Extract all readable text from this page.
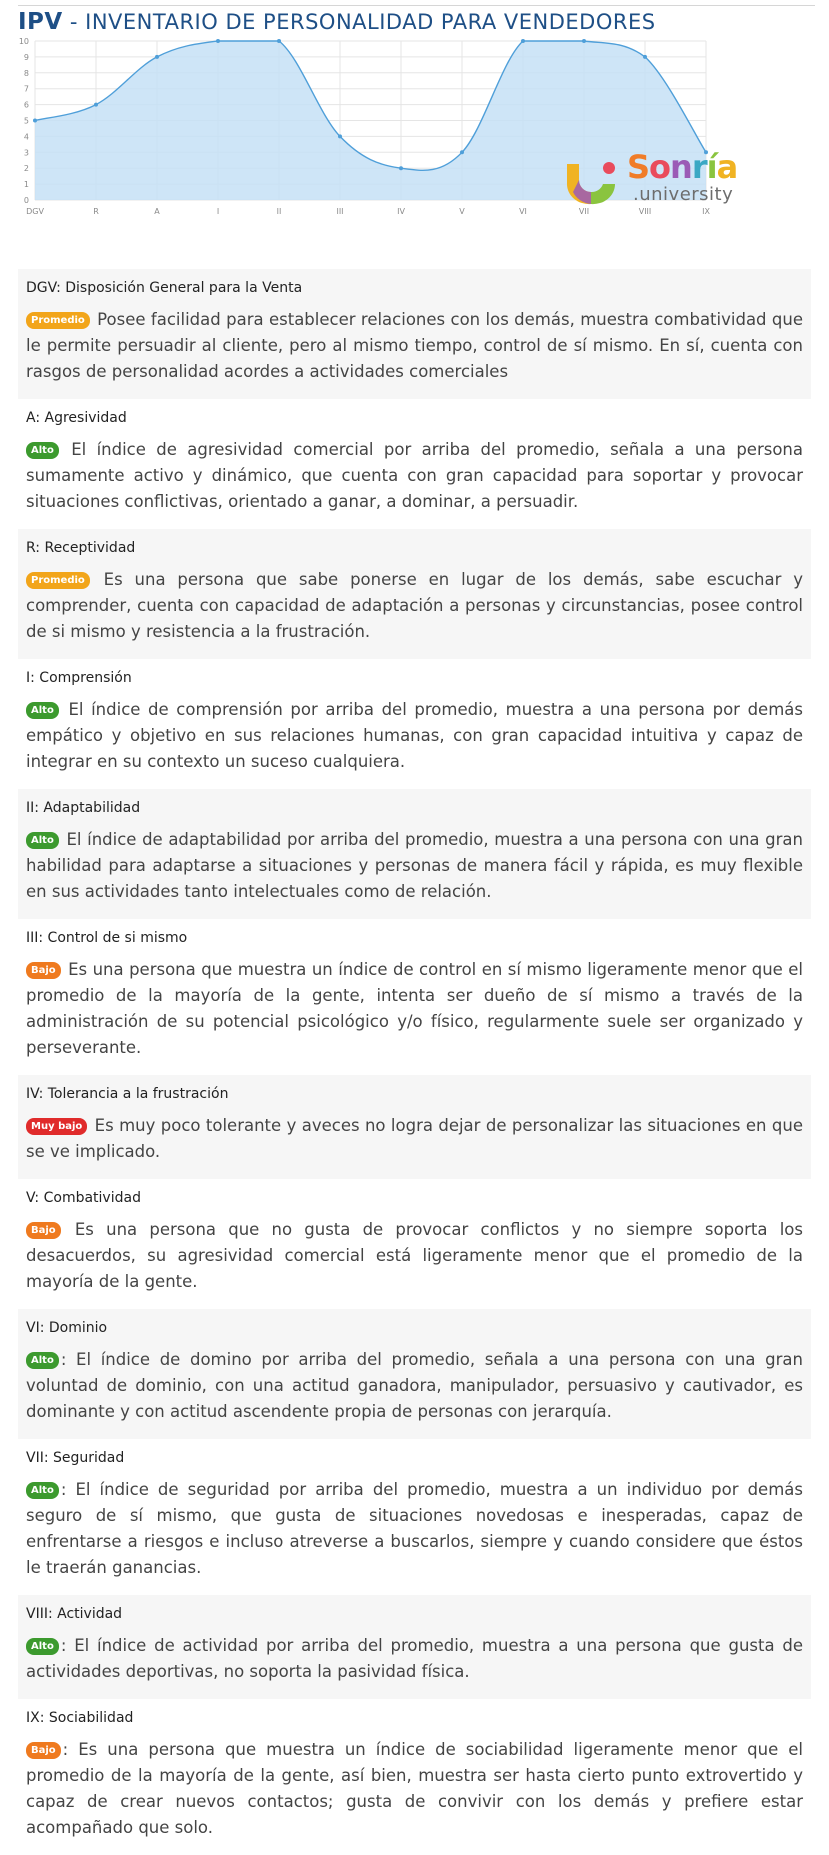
IPV - INVENTARIO DE PERSONALIDAD PARA VENDEDORES
0
1
2
3
4
5
6
7
8
9
10
DGV	R	A	I	II	III	IV	V	VI	VII	VIII	IX
Sonría
.university
DGV: Disposición General para la Venta

Promedio Posee facilidad para establecer relaciones con los demás, muestra combatividad que le permite persuadir al cliente, pero al mismo tiempo, control de sí mismo. En sí, cuenta con rasgos de personalidad acordes a actividades comerciales

A: Agresividad

Alto El índice de agresividad comercial por arriba del promedio, señala a una persona sumamente activo y dinámico, que cuenta con gran capacidad para soportar y provocar situaciones conflictivas, orientado a ganar, a dominar, a persuadir.

R: Receptividad

Promedio Es una persona que sabe ponerse en lugar de los demás, sabe escuchar y comprender, cuenta con capacidad de adaptación a personas y circunstancias, posee control de si mismo y resistencia a la frustración.

I: Comprensión

Alto El índice de comprensión por arriba del promedio, muestra a una persona por demás empático y objetivo en sus relaciones humanas, con gran capacidad intuitiva y capaz de integrar en su contexto un suceso cualquiera.

II: Adaptabilidad

Alto El índice de adaptabilidad por arriba del promedio, muestra a una persona con una gran habilidad para adaptarse a situaciones y personas de manera fácil y rápida, es muy flexible en sus actividades tanto intelectuales como de relación.

III: Control de si mismo

Bajo Es una persona que muestra un índice de control en sí mismo ligeramente menor que el promedio de la mayoría de la gente, intenta ser dueño de sí mismo a través de la administración de su potencial psicológico y/o físico, regularmente suele ser organizado y perseverante.

IV: Tolerancia a la frustración

Muy bajo Es muy poco tolerante y aveces no logra dejar de personalizar las situaciones en que se ve implicado.

V: Combatividad

Bajo Es una persona que no gusta de provocar conflictos y no siempre soporta los desacuerdos, su agresividad comercial está ligeramente menor que el promedio de la mayoría de la gente.

VI: Dominio

Alto : El índice de domino por arriba del promedio, señala a una persona con una gran voluntad de dominio, con una actitud ganadora, manipulador, persuasivo y cautivador, es dominante y con actitud ascendente propia de personas con jerarquía.

VII: Seguridad

Alto : El índice de seguridad por arriba del promedio, muestra a un individuo por demás seguro de sí mismo, que gusta de situaciones novedosas e inesperadas, capaz de enfrentarse a riesgos e incluso atreverse a buscarlos, siempre y cuando considere que éstos le traerán ganancias.

VIII: Actividad

Alto : El índice de actividad por arriba del promedio, muestra a una persona que gusta de actividades deportivas, no soporta la pasividad física.

IX: Sociabilidad

Bajo : Es una persona que muestra un índice de sociabilidad ligeramente menor que el promedio de la mayoría de la gente, así bien, muestra ser hasta cierto punto extrovertido y capaz de crear nuevos contactos; gusta de convivir con los demás y prefiere estar acompañado que solo.
